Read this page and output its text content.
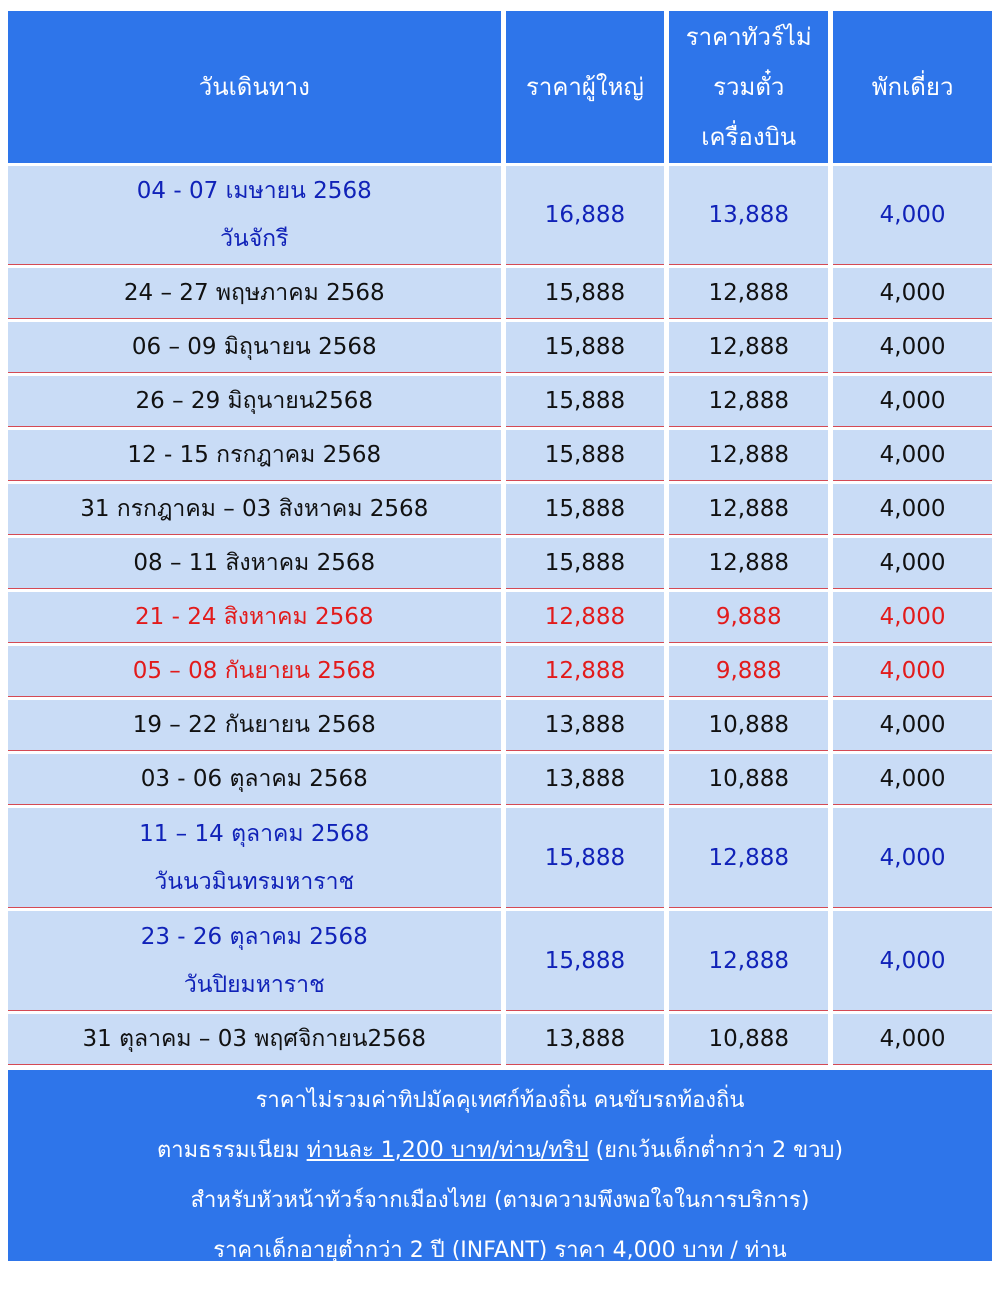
วันเดินทาง	ราคาผู้ใหญ่	ราคาทัวร์ไม่
รวมตั๋ว
เครื่องบิน	พักเดี่ยว

04 - 07 เมษายน 2568
วันจักรี	16,888	13,888	4,000

24 – 27 พฤษภาคม 2568	15,888	12,888	4,000

06 – 09 มิถุนายน 2568	15,888	12,888	4,000

26 – 29 มิถุนายน2568	15,888	12,888	4,000

12 - 15 กรกฎาคม 2568	15,888	12,888	4,000

31 กรกฎาคม – 03 สิงหาคม 2568	15,888	12,888	4,000

08 – 11 สิงหาคม 2568	15,888	12,888	4,000

21 - 24 สิงหาคม 2568	12,888	9,888	4,000

05 – 08 กันยายน 2568	12,888	9,888	4,000

19 – 22 กันยายน 2568	13,888	10,888	4,000

03 - 06 ตุลาคม 2568	13,888	10,888	4,000

11 – 14 ตุลาคม 2568
วันนวมินทรมหาราช	15,888	12,888	4,000

23 - 26 ตุลาคม 2568
วันปิยมหาราช	15,888	12,888	4,000

31 ตุลาคม – 03 พฤศจิกายน2568	13,888	10,888	4,000
ราคาไม่รวมค่าทิปมัคคุเทศก์ท้องถิ่น คนขับรถท้องถิ่น
ตามธรรมเนียม ท่านละ 1,200 บาท/ท่าน/ทริป (ยกเว้นเด็กต่ำกว่า 2 ขวบ)
สำหรับหัวหน้าทัวร์จากเมืองไทย (ตามความพึงพอใจในการบริการ)
ราคาเด็กอายุต่ำกว่า 2 ปี (INFANT) ราคา 4,000 บาท / ท่าน
